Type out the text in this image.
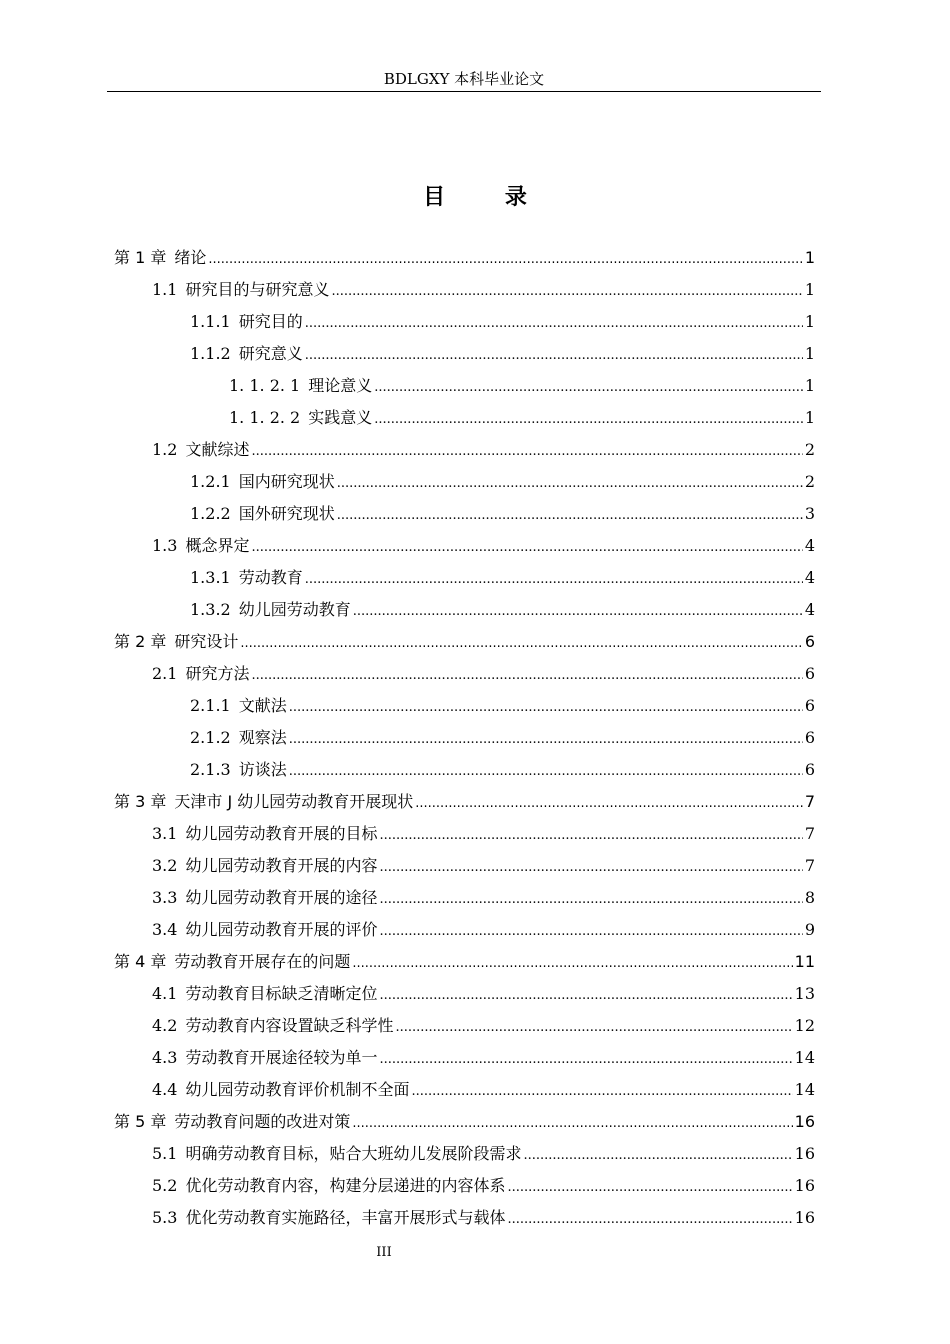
BDLGXY 本科毕业论文
目 录
第 1 章 绪论 .....	1
1.1 研究目的与研究意义 .....	1
1.1.1 研究目的 .....	1
1.1.2 研究意义 .....	1
1. 1. 2. 1 理论意义 .....	1
1. 1. 2. 2 实践意义 .....	1
1.2 文献综述 .....	2
1.2.1 国内研究现状 .....	2
1.2.2 国外研究现状 .....	3
1.3 概念界定 .....	4
1.3.1 劳动教育 .....	4
1.3.2 幼儿园劳动教育 .....	4
第 2 章 研究设计 .....	6
2.1 研究方法 .....	6
2.1.1 文献法 .....	6
2.1.2 观察法 .....	6
2.1.3 访谈法 .....	6
第 3 章 天津市 J 幼儿园劳动教育开展现状 .....	7
3.1 幼儿园劳动教育开展的目标 .....	7
3.2 幼儿园劳动教育开展的内容 .....	7
3.3 幼儿园劳动教育开展的途径 .....	8
3.4 幼儿园劳动教育开展的评价 .....	9
第 4 章 劳动教育开展存在的问题 .....	11
4.1 劳动教育目标缺乏清晰定位 .....	13
4.2 劳动教育内容设置缺乏科学性 .....	12
4.3 劳动教育开展途径较为单一 .....	14
4.4 幼儿园劳动教育评价机制不全面 .....	14
第 5 章 劳动教育问题的改进对策 .....	16
5.1 明确劳动教育目标，贴合大班幼儿发展阶段需求 .....	16
5.2 优化劳动教育内容，构建分层递进的内容体系 .....	16
5.3 优化劳动教育实施路径，丰富开展形式与载体 .....	16
III
